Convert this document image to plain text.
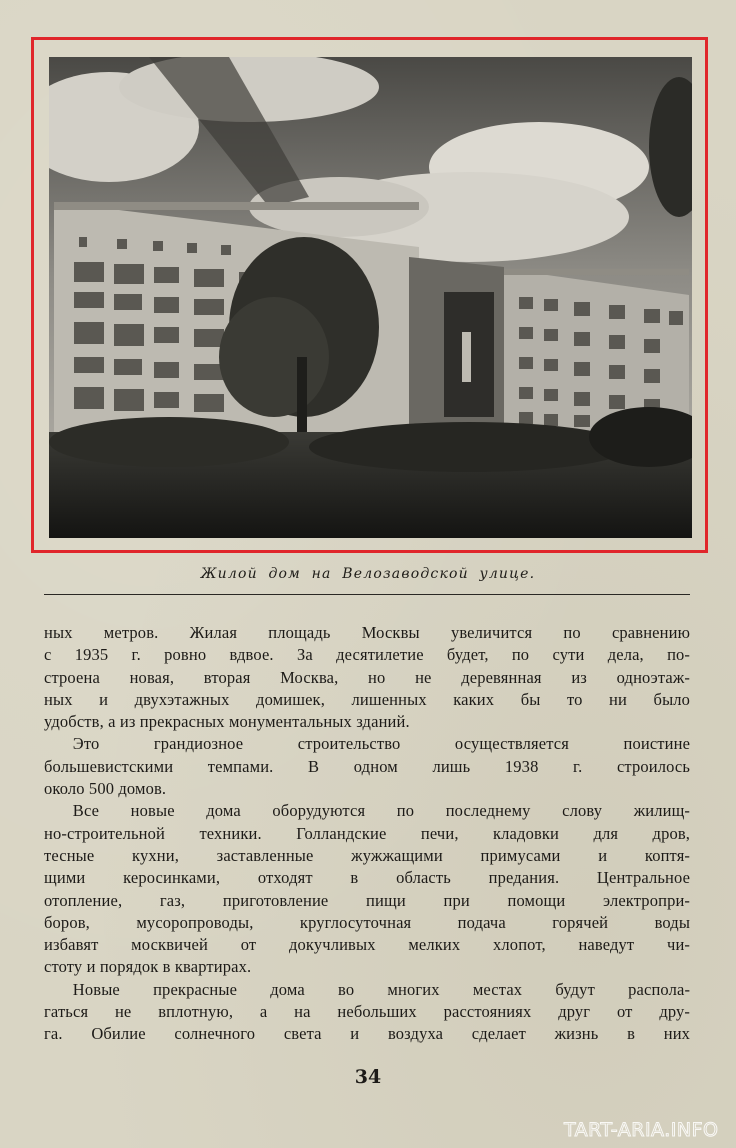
Жилой дом на Велозаводской улице.
ных метров. Жилая площадь Москвы увеличится по сравнению
с 1935 г. ровно вдвое. За десятилетие будет, по сути дела, по-
строена новая, вторая Москва, но не деревянная из одноэтаж-
ных и двухэтажных домишек, лишенных каких бы то ни было
удобств, а из прекрасных монументальных зданий.
Это грандиозное строительство осуществляется поистине
большевистскими темпами. В одном лишь 1938 г. строилось
около 500 домов.
Все новые дома оборудуются по последнему слову жилищ-
но-строительной техники. Голландские печи, кладовки для дров,
тесные кухни, заставленные жужжащими примусами и коптя-
щими керосинками, отходят в область предания. Центральное
отопление, газ, приготовление пищи при помощи электропри-
боров, мусоропроводы, круглосуточная подача горячей воды
избавят москвичей от докучливых мелких хлопот, наведут чи-
стоту и порядок в квартирах.
Новые прекрасные дома во многих местах будут распола-
гаться не вплотную, а на небольших расстояниях друг от дру-
га. Обилие солнечного света и воздуха сделает жизнь в них
34
TART-ARIA.INFO
